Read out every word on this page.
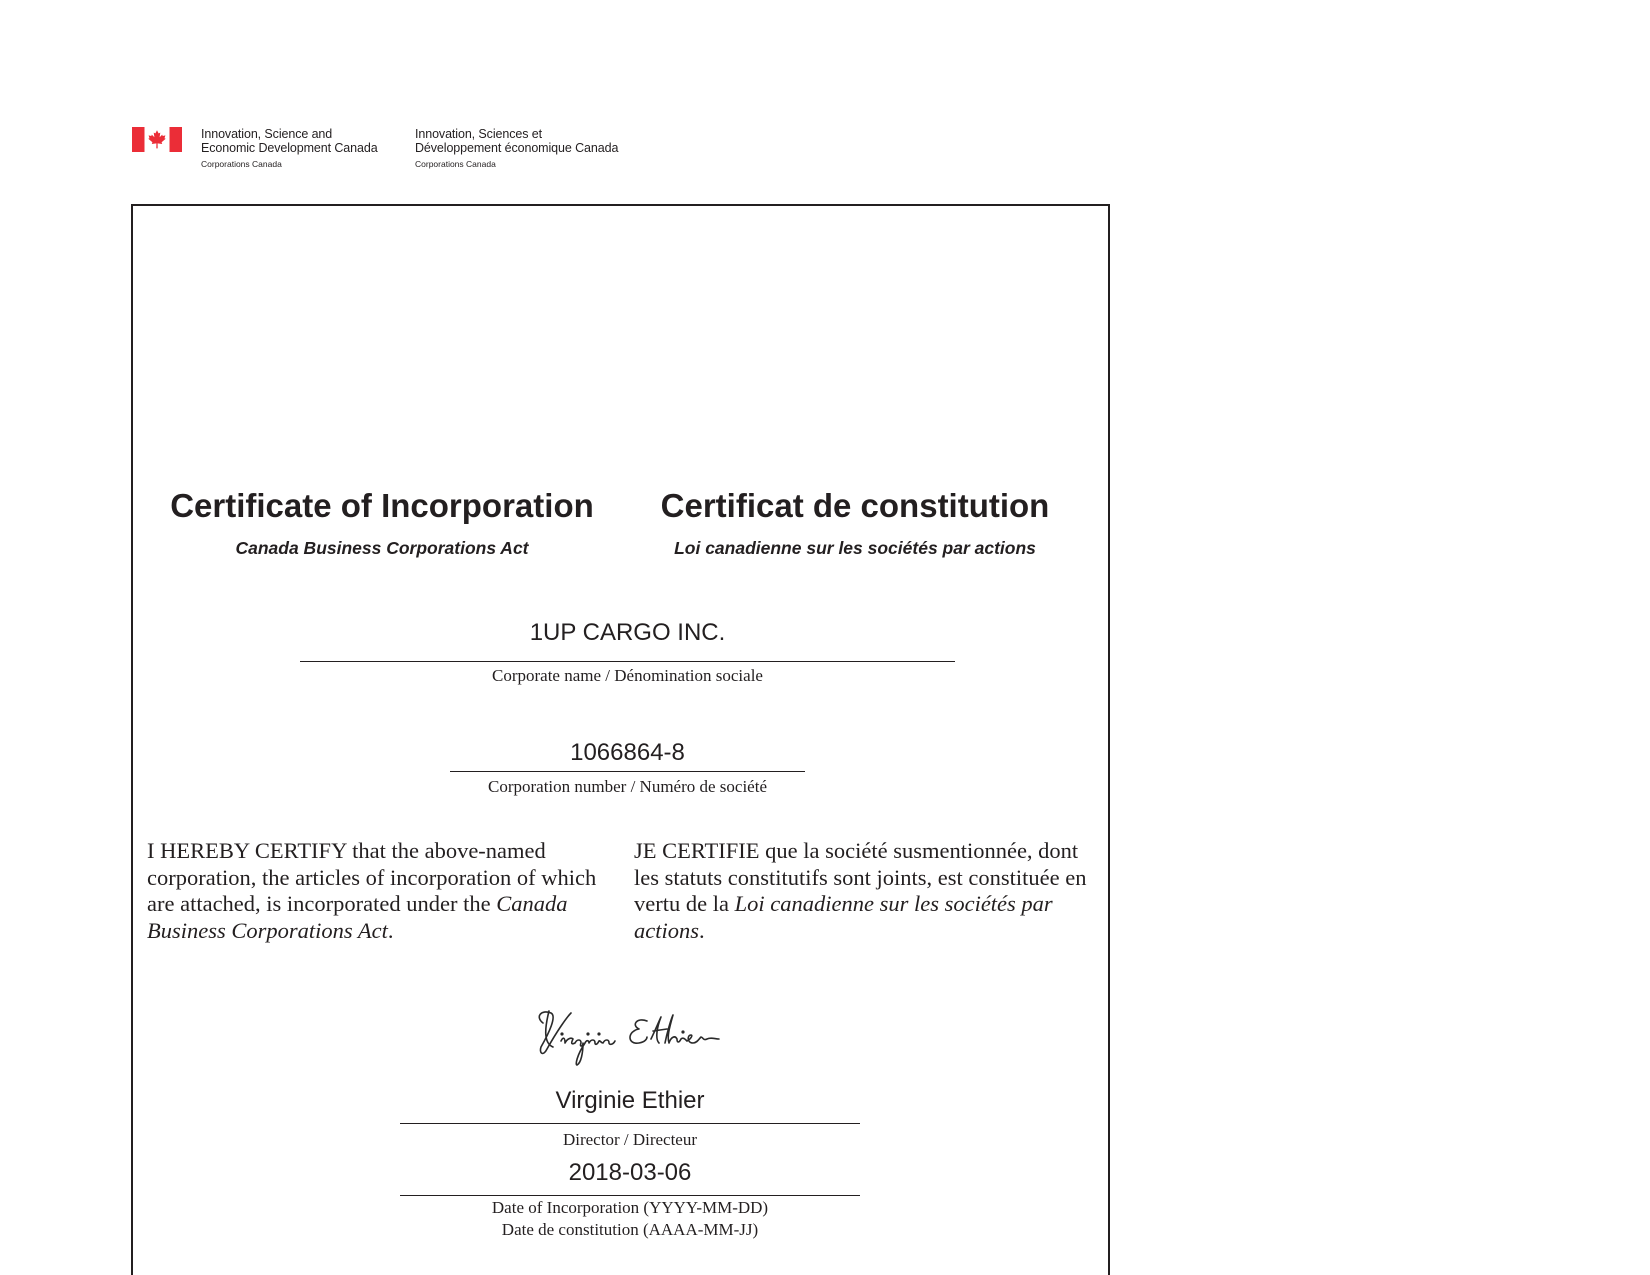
Innovation, Science and
Economic Development Canada
Corporations Canada
Innovation, Sciences et
Développement économique Canada
Corporations Canada
Certificate of Incorporation	Certificat de constitution
Canada Business Corporations Act	Loi canadienne sur les sociétés par actions
1UP CARGO INC.
Corporate name / Dénomination sociale
1066864-8
Corporation number / Numéro de société
I HEREBY CERTIFY that the above-named corporation, the articles of incorporation of which are attached, is incorporated under the Canada Business Corporations Act.
JE CERTIFIE que la société susmentionnée, dont les statuts constitutifs sont joints, est constituée en vertu de la Loi canadienne sur les sociétés par actions.
Virginie Ethier
Director / Directeur
2018-03-06
Date of Incorporation (YYYY-MM-DD)
Date de constitution (AAAA-MM-JJ)
